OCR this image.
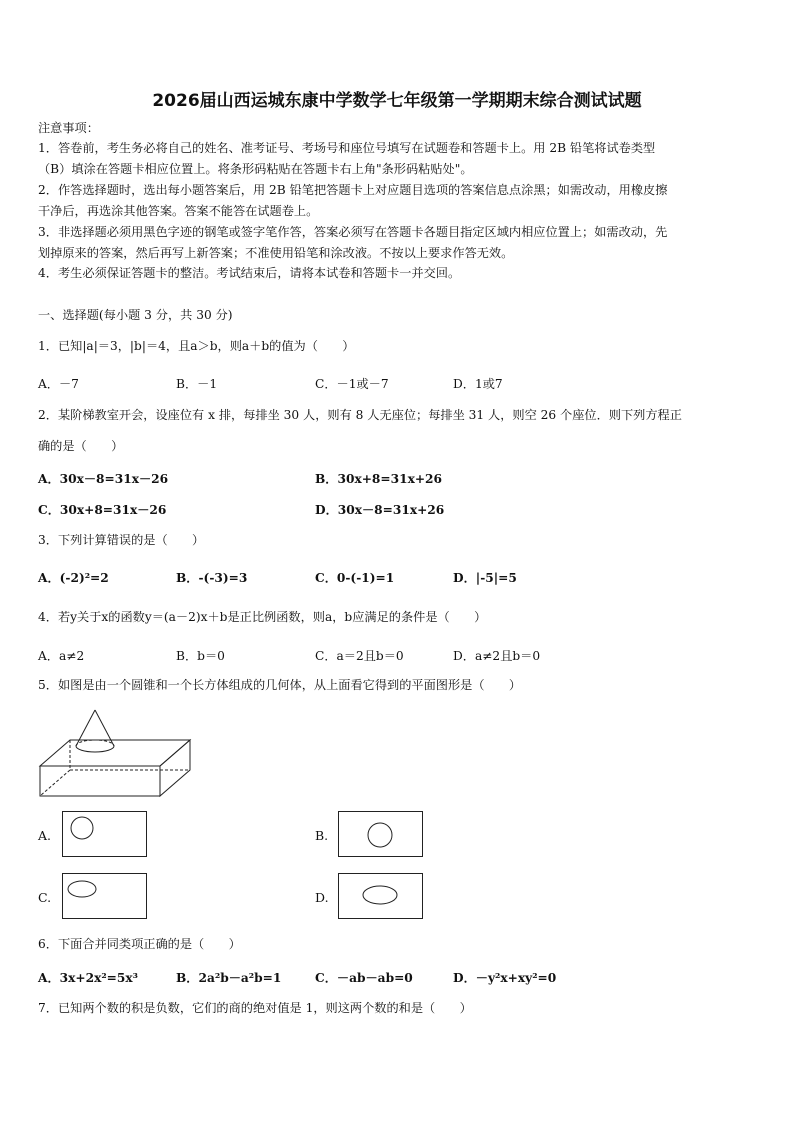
2026届山西运城东康中学数学七年级第一学期期末综合测试试题
注意事项：
1．答卷前，考生务必将自己的姓名、准考证号、考场号和座位号填写在试题卷和答题卡上。用 2B 铅笔将试卷类型
（B）填涂在答题卡相应位置上。将条形码粘贴在答题卡右上角"条形码粘贴处"。
2．作答选择题时，选出每小题答案后，用 2B 铅笔把答题卡上对应题目选项的答案信息点涂黑；如需改动，用橡皮擦
干净后，再选涂其他答案。答案不能答在试题卷上。
3．非选择题必须用黑色字迹的钢笔或签字笔作答，答案必须写在答题卡各题目指定区域内相应位置上；如需改动，先
划掉原来的答案，然后再写上新答案；不准使用铅笔和涂改液。不按以上要求作答无效。
4．考生必须保证答题卡的整洁。考试结束后，请将本试卷和答题卡一并交回。
一、选择题(每小题 3 分，共 30 分)
1．已知|a|＝3，|b|＝4，且a＞b，则a＋b的值为（　　）
A．－7	B．－1	C．－1或－7	D．1或7
2．某阶梯教室开会，设座位有 x 排，每排坐 30 人，则有 8 人无座位；每排坐 31 人，则空 26 个座位．则下列方程正
确的是（　　）
A．30x－8=31x－26	B．30x+8=31x+26
C．30x+8=31x－26	D．30x－8=31x+26
3．下列计算错误的是（　　）
A．(-2)²=2	B．-(-3)=3	C．0-(-1)=1	D．|-5|=5
4．若y关于x的函数y＝(a－2)x＋b是正比例函数，则a，b应满足的条件是（　　）
A．a≠2	B．b＝0	C．a＝2且b＝0	D．a≠2且b＝0
5．如图是由一个圆锥和一个长方体组成的几何体，从上面看它得到的平面图形是（　　）
A.	B.
C.	D.
6．下面合并同类项正确的是（　　）
A．3x+2x²=5x³	B．2a²b－a²b=1	C．－ab－ab=0	D．－y²x+xy²=0
7．已知两个数的积是负数，它们的商的绝对值是 1，则这两个数的和是（　　）
